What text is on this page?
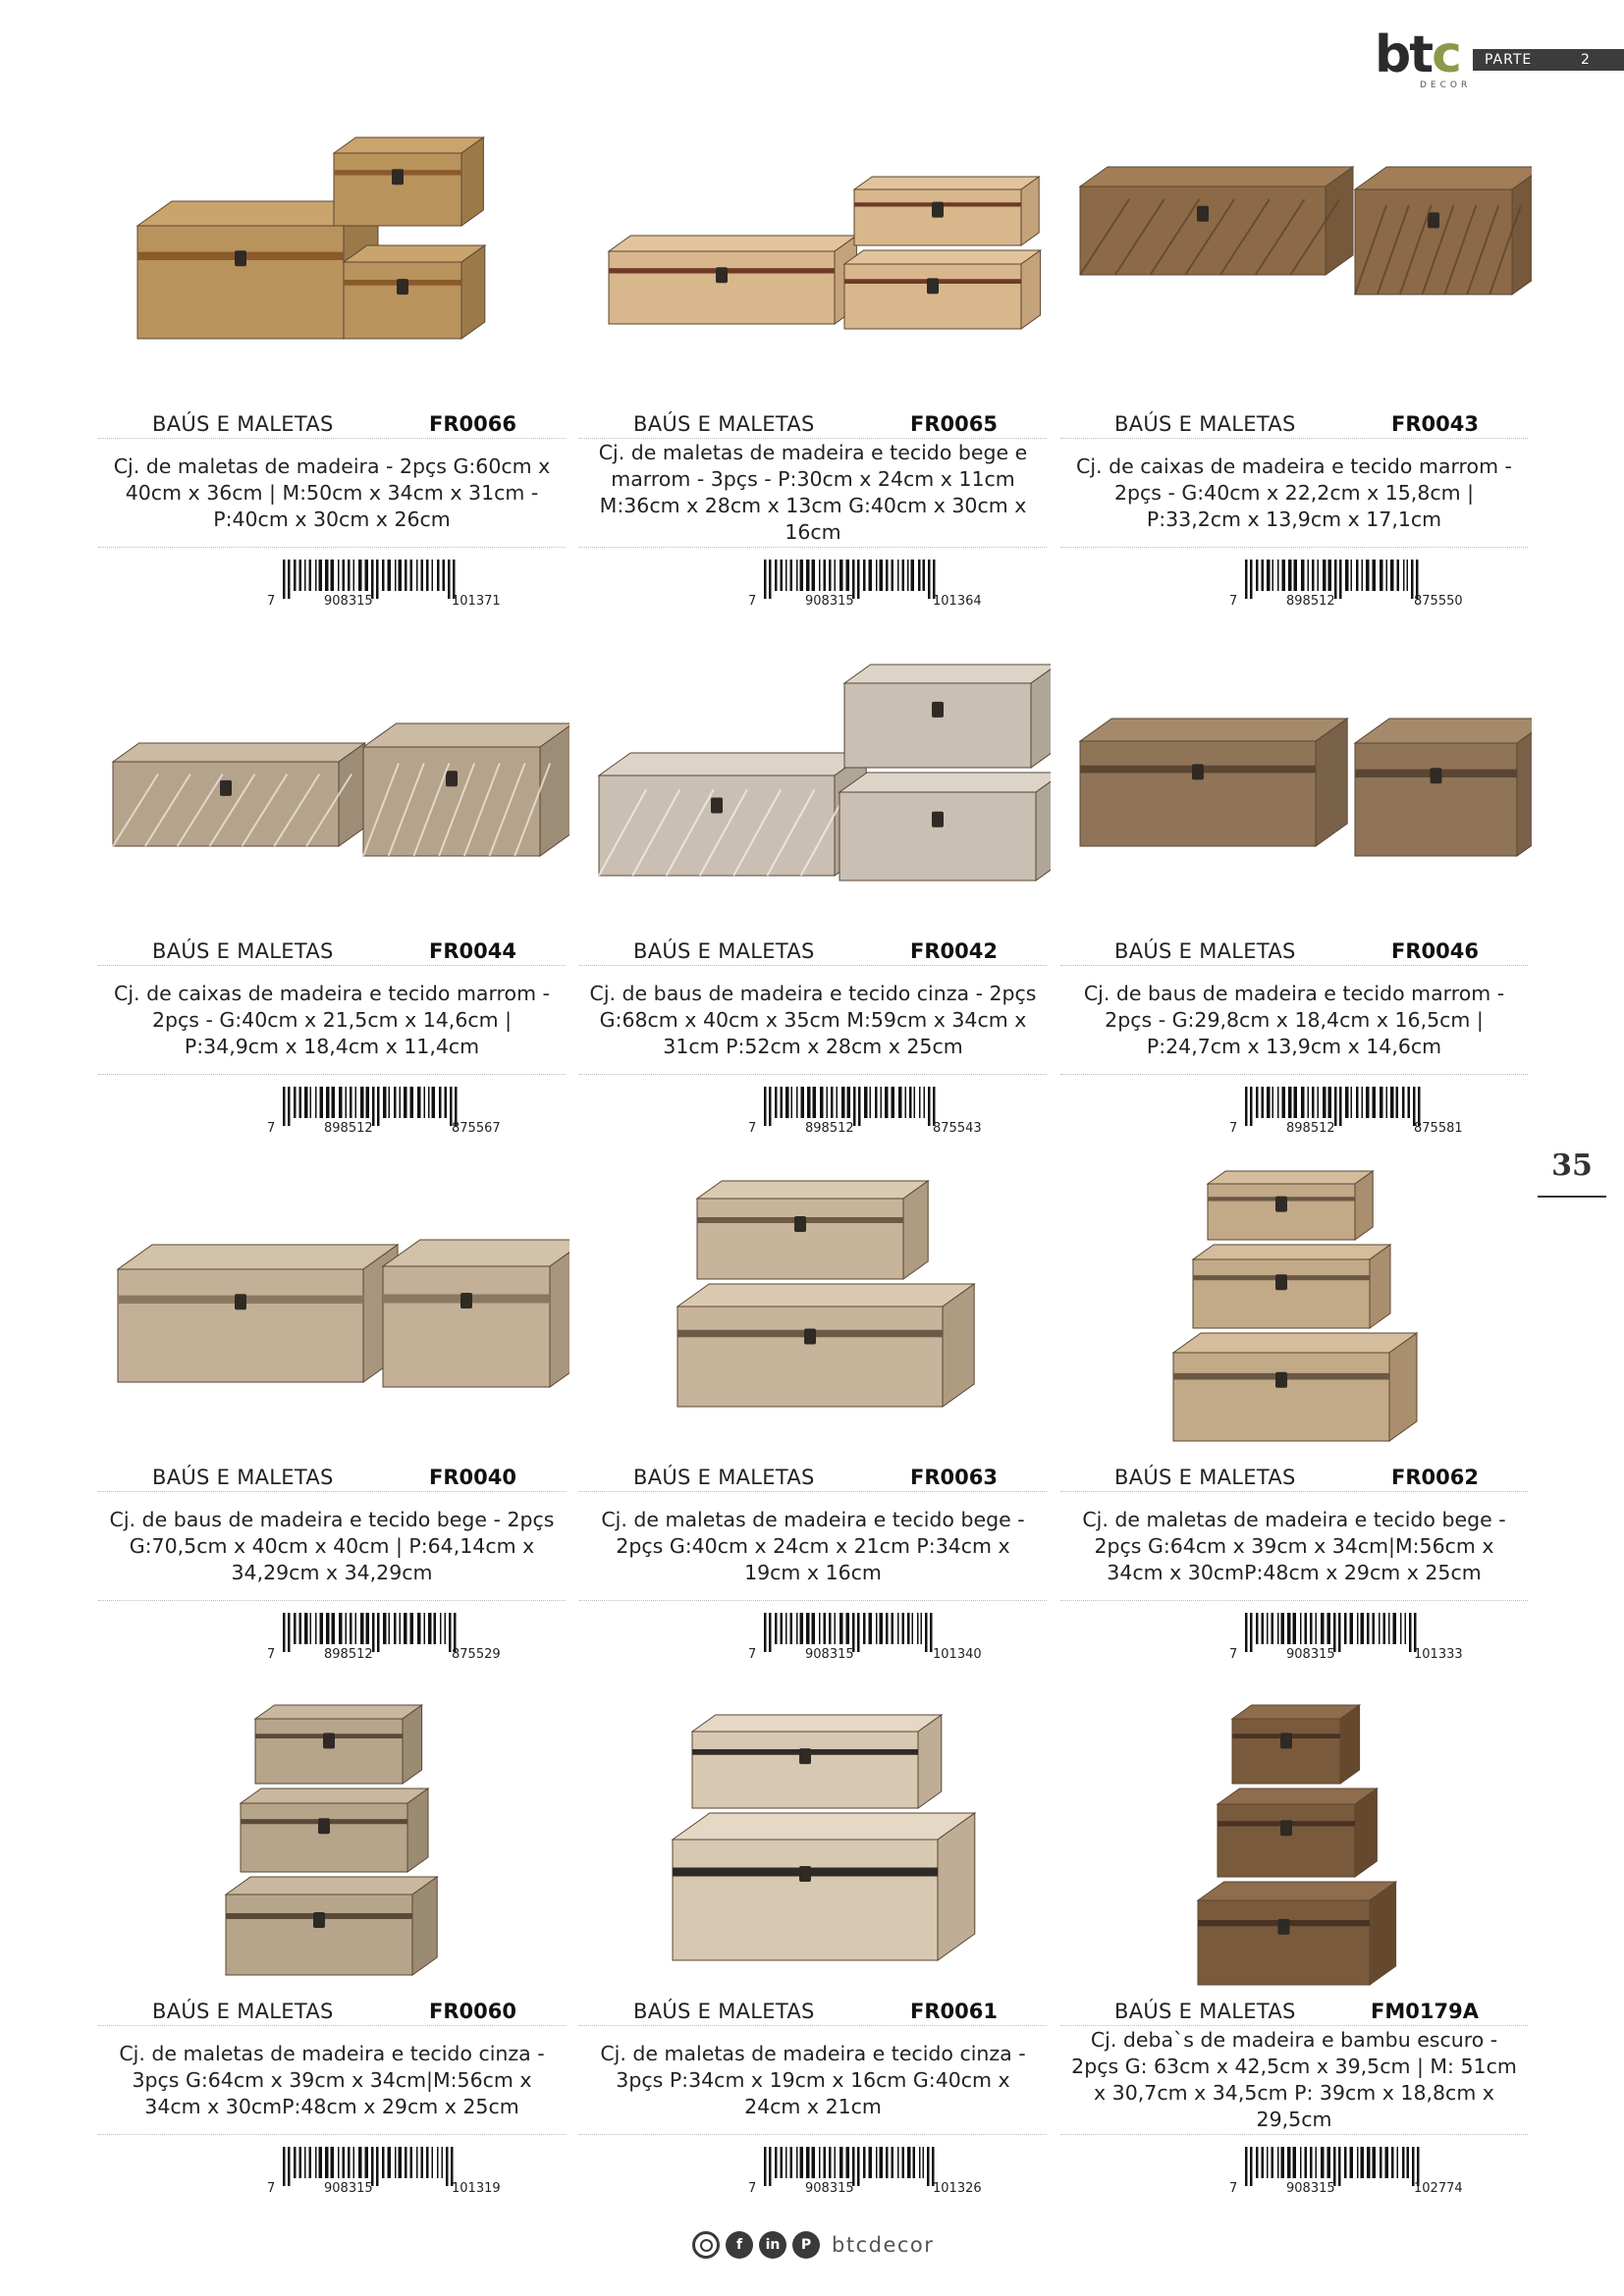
btc
DECOR
PARTE	2
35
BAÚS E MALETAS	FR0066
Cj. de maletas de madeira - 2pçs G:60cm x 40cm x 36cm | M:50cm x 34cm x 31cm - P:40cm x 30cm x 26cm
7	908315	101371
BAÚS E MALETAS	FR0065
Cj. de maletas de madeira e tecido bege e marrom - 3pçs - P:30cm x 24cm x 11cm M:36cm x 28cm x 13cm G:40cm x 30cm x 16cm
7	908315	101364
BAÚS E MALETAS	FR0043
Cj. de caixas de madeira e tecido marrom - 2pçs - G:40cm x 22,2cm x 15,8cm | P:33,2cm x 13,9cm x 17,1cm
7	898512	875550
BAÚS E MALETAS	FR0044
Cj. de caixas de madeira e tecido marrom - 2pçs - G:40cm x 21,5cm x 14,6cm | P:34,9cm x 18,4cm x 11,4cm
7	898512	875567
BAÚS E MALETAS	FR0042
Cj. de baus de madeira e tecido cinza - 2pçs G:68cm x 40cm x 35cm M:59cm x 34cm x 31cm P:52cm x 28cm x 25cm
7	898512	875543
BAÚS E MALETAS	FR0046
Cj. de baus de madeira e tecido marrom - 2pçs - G:29,8cm x 18,4cm x 16,5cm | P:24,7cm x 13,9cm x 14,6cm
7	898512	875581
BAÚS E MALETAS	FR0040
Cj. de baus de madeira e tecido bege - 2pçs G:70,5cm x 40cm x 40cm | P:64,14cm x 34,29cm x 34,29cm
7	898512	875529
BAÚS E MALETAS	FR0063
Cj. de maletas de madeira e tecido bege - 2pçs G:40cm x 24cm x 21cm P:34cm x 19cm x 16cm
7	908315	101340
BAÚS E MALETAS	FR0062
Cj. de maletas de madeira e tecido bege - 2pçs G:64cm x 39cm x 34cm|M:56cm x 34cm x 30cmP:48cm x 29cm x 25cm
7	908315	101333
BAÚS E MALETAS	FR0060
Cj. de maletas de madeira e tecido cinza - 3pçs G:64cm x 39cm x 34cm|M:56cm x 34cm x 30cmP:48cm x 29cm x 25cm
7	908315	101319
BAÚS E MALETAS	FR0061
Cj. de maletas de madeira e tecido cinza - 3pçs P:34cm x 19cm x 16cm G:40cm x 24cm x 21cm
7	908315	101326
BAÚS E MALETAS	FM0179A
Cj. deba`s de madeira e bambu escuro - 2pçs G: 63cm x 42,5cm x 39,5cm | M: 51cm x 30,7cm x 34,5cm P: 39cm x 18,8cm x 29,5cm
7	908315	102774
f	in	P btcdecor
